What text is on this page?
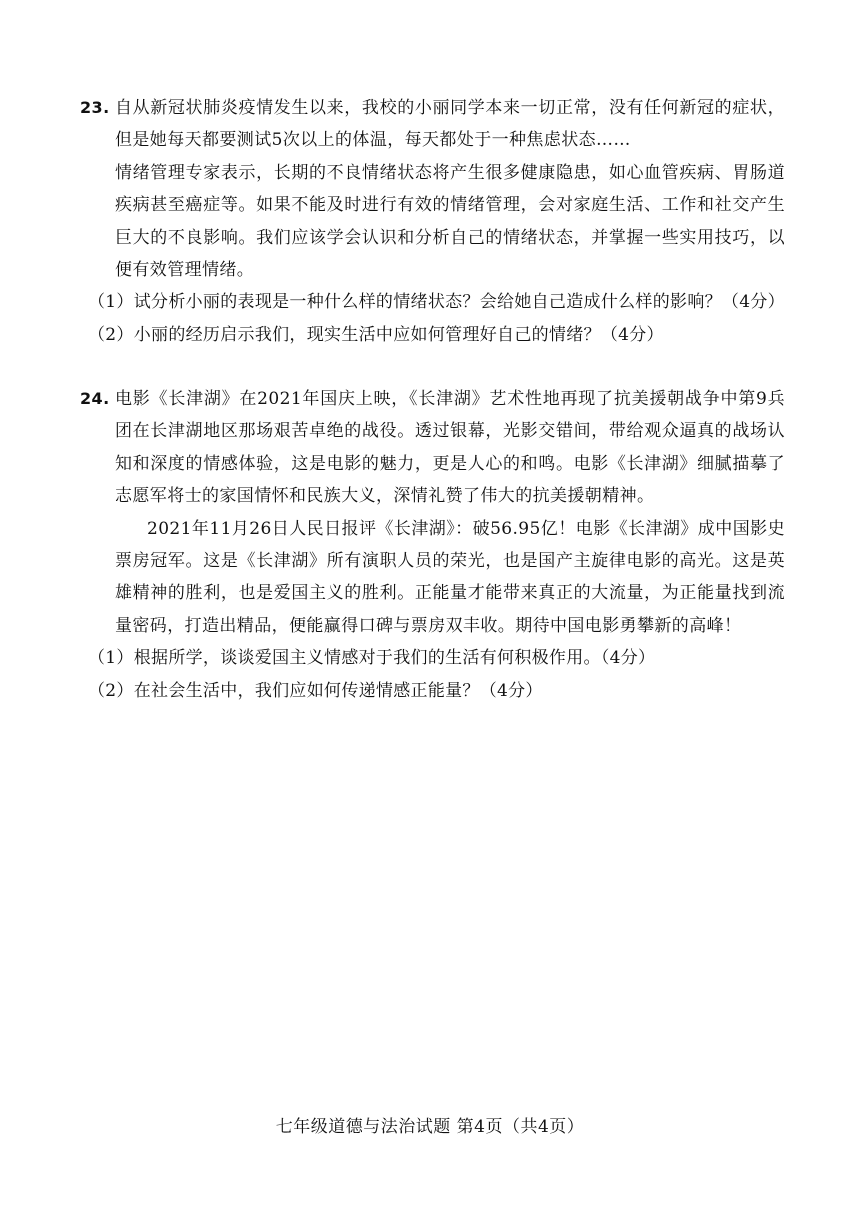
23. 自从新冠状肺炎疫情发生以来，我校的小丽同学本来一切正常，没有任何新冠的症状，但是她每天都要测试5次以上的体温，每天都处于一种焦虑状态……
情绪管理专家表示，长期的不良情绪状态将产生很多健康隐患，如心血管疾病、胃肠道疾病甚至癌症等。如果不能及时进行有效的情绪管理，会对家庭生活、工作和社交产生巨大的不良影响。我们应该学会认识和分析自己的情绪状态，并掌握一些实用技巧，以便有效管理情绪。
（1）试分析小丽的表现是一种什么样的情绪状态？会给她自己造成什么样的影响？（4分）
（2）小丽的经历启示我们，现实生活中应如何管理好自己的情绪？（4分）
24. 电影《长津湖》在2021年国庆上映，《长津湖》艺术性地再现了抗美援朝战争中第9兵团在长津湖地区那场艰苦卓绝的战役。透过银幕，光影交错间，带给观众逼真的战场认知和深度的情感体验，这是电影的魅力，更是人心的和鸣。电影《长津湖》细腻描摹了志愿军将士的家国情怀和民族大义，深情礼赞了伟大的抗美援朝精神。
2021年11月26日人民日报评《长津湖》：破56.95亿！电影《长津湖》成中国影史票房冠军。这是《长津湖》所有演职人员的荣光，也是国产主旋律电影的高光。这是英雄精神的胜利，也是爱国主义的胜利。正能量才能带来真正的大流量，为正能量找到流量密码，打造出精品，便能赢得口碑与票房双丰收。期待中国电影勇攀新的高峰！
（1）根据所学，谈谈爱国主义情感对于我们的生活有何积极作用。（4分）
（2）在社会生活中，我们应如何传递情感正能量？（4分）
七年级道德与法治试题 第4页（共4页）
